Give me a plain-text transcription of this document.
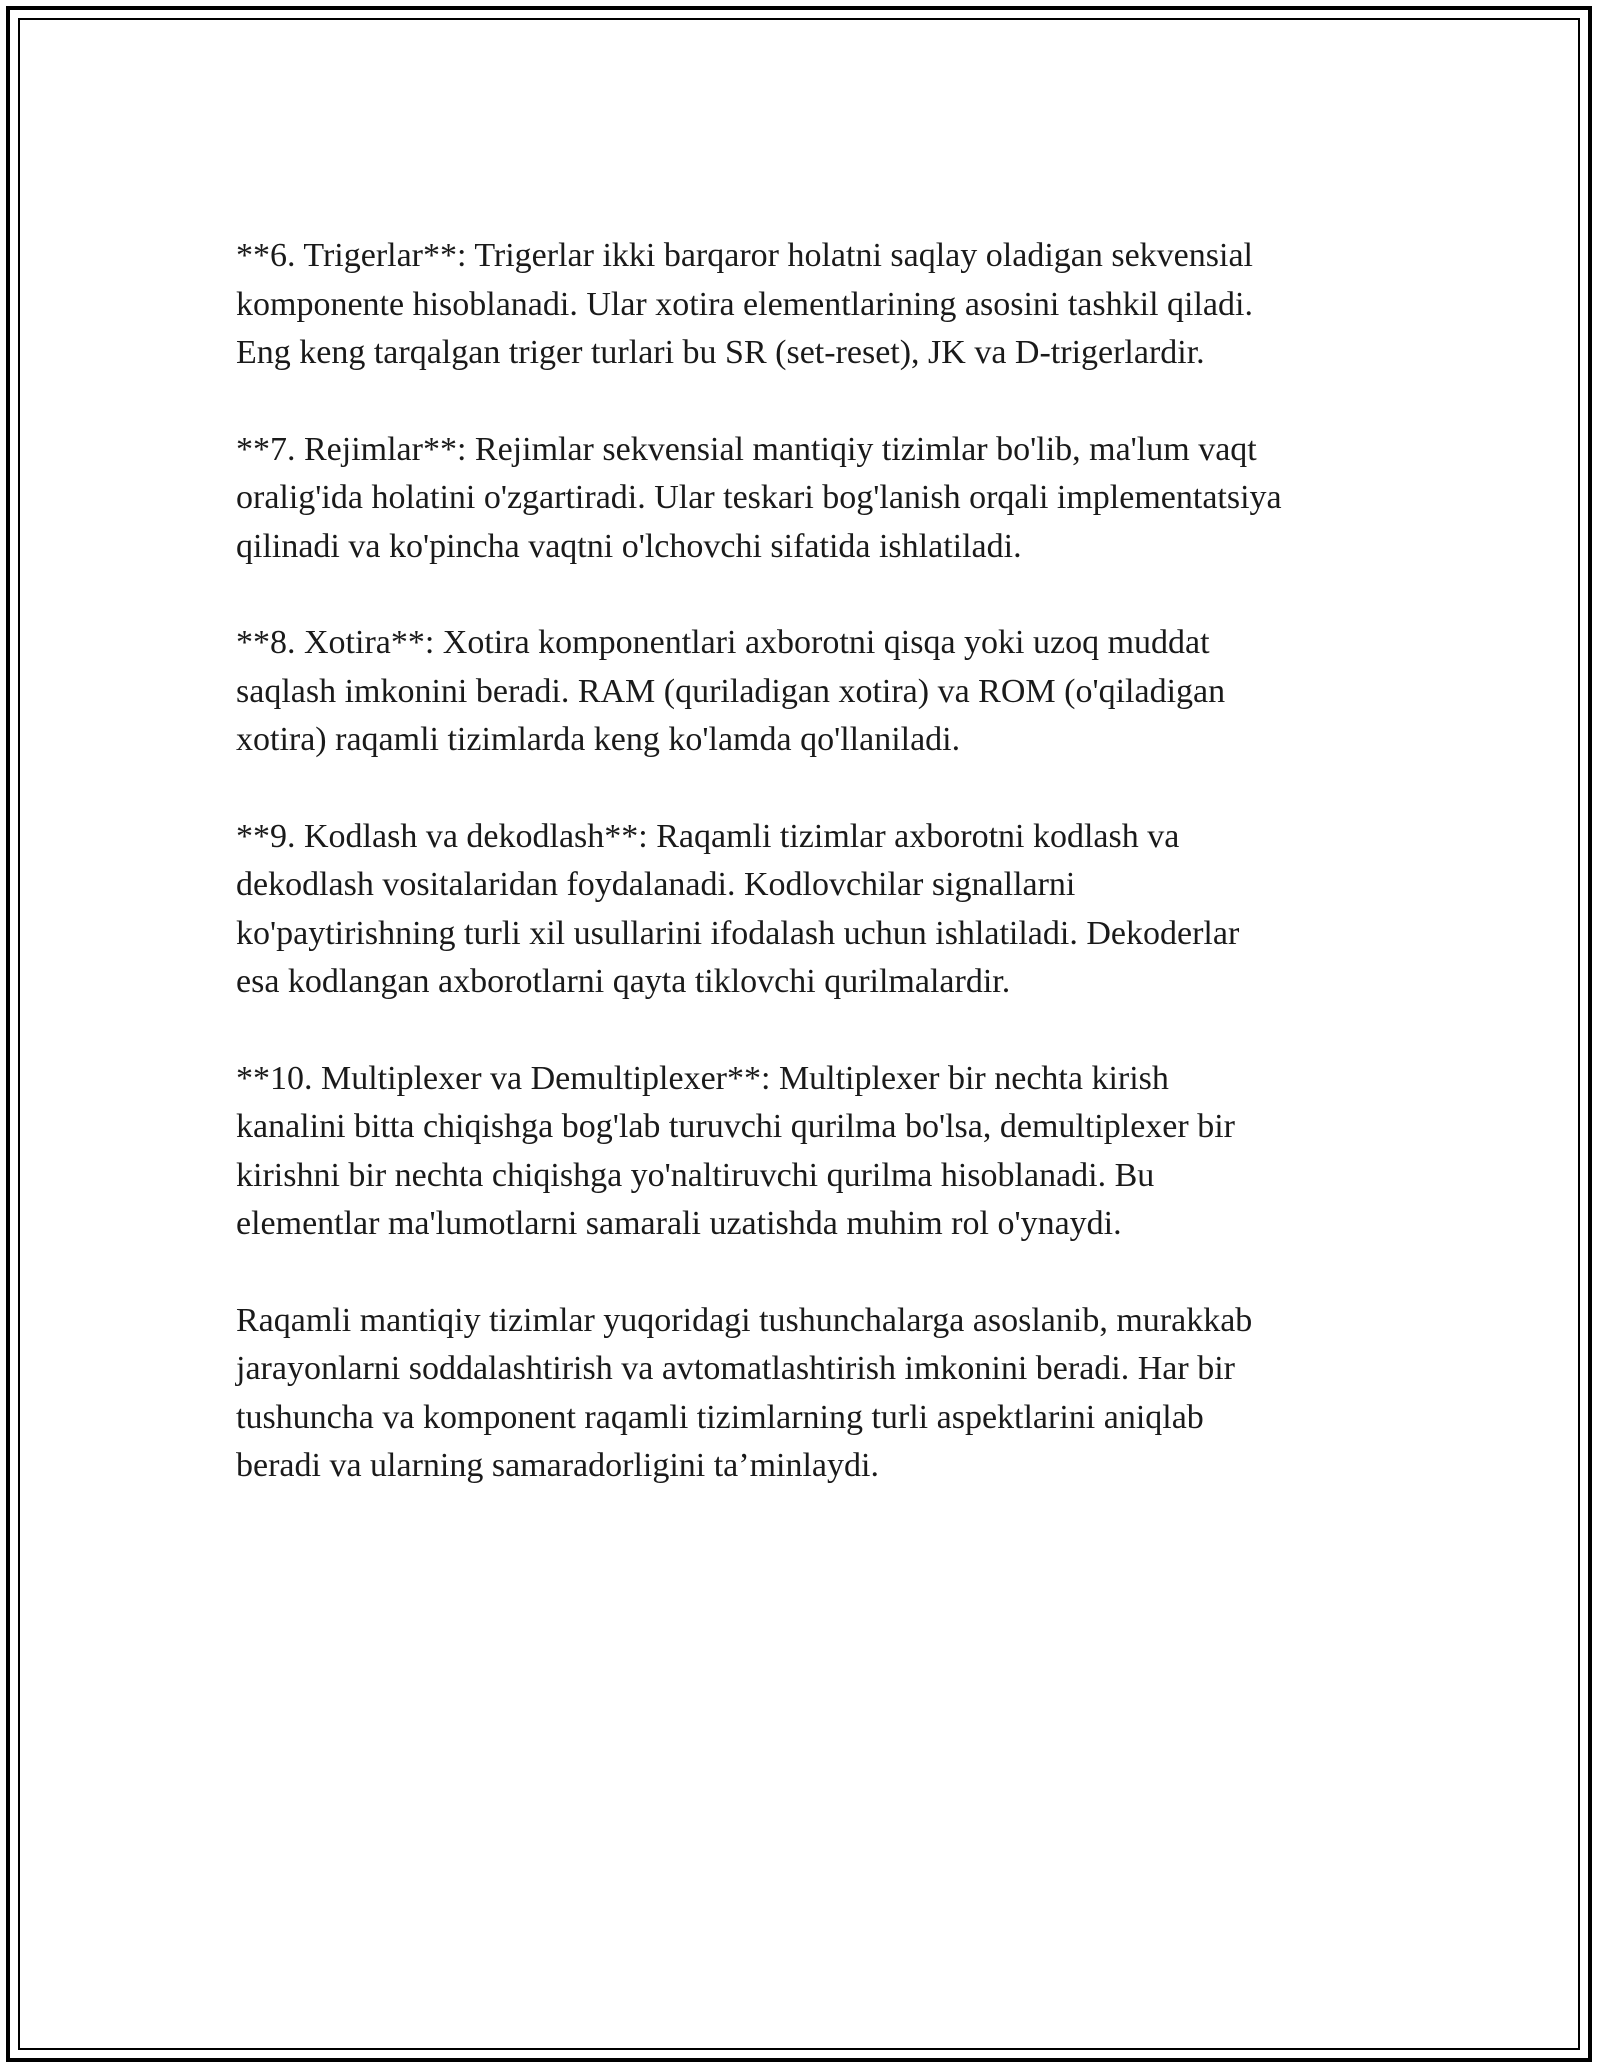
**6. Trigerlar**: Trigerlar ikki barqaror holatni saqlay oladigan sekvensial
komponente hisoblanadi. Ular xotira elementlarining asosini tashkil qiladi.
Eng keng tarqalgan triger turlari bu SR (set-reset), JK va D-trigerlardir.

**7. Rejimlar**: Rejimlar sekvensial mantiqiy tizimlar bo'lib, ma'lum vaqt
oralig'ida holatini o'zgartiradi. Ular teskari bog'lanish orqali implementatsiya
qilinadi va ko'pincha vaqtni o'lchovchi sifatida ishlatiladi.

**8. Xotira**: Xotira komponentlari axborotni qisqa yoki uzoq muddat
saqlash imkonini beradi. RAM (quriladigan xotira) va ROM (o'qiladigan
xotira) raqamli tizimlarda keng ko'lamda qo'llaniladi.

**9. Kodlash va dekodlash**: Raqamli tizimlar axborotni kodlash va
dekodlash vositalaridan foydalanadi. Kodlovchilar signallarni
ko'paytirishning turli xil usullarini ifodalash uchun ishlatiladi. Dekoderlar
esa kodlangan axborotlarni qayta tiklovchi qurilmalardir.

**10. Multiplexer va Demultiplexer**: Multiplexer bir nechta kirish
kanalini bitta chiqishga bog'lab turuvchi qurilma bo'lsa, demultiplexer bir
kirishni bir nechta chiqishga yo'naltiruvchi qurilma hisoblanadi. Bu
elementlar ma'lumotlarni samarali uzatishda muhim rol o'ynaydi.

Raqamli mantiqiy tizimlar yuqoridagi tushunchalarga asoslanib, murakkab
jarayonlarni soddalashtirish va avtomatlashtirish imkonini beradi. Har bir
tushuncha va komponent raqamli tizimlarning turli aspektlarini aniqlab
beradi va ularning samaradorligini ta’minlaydi.
